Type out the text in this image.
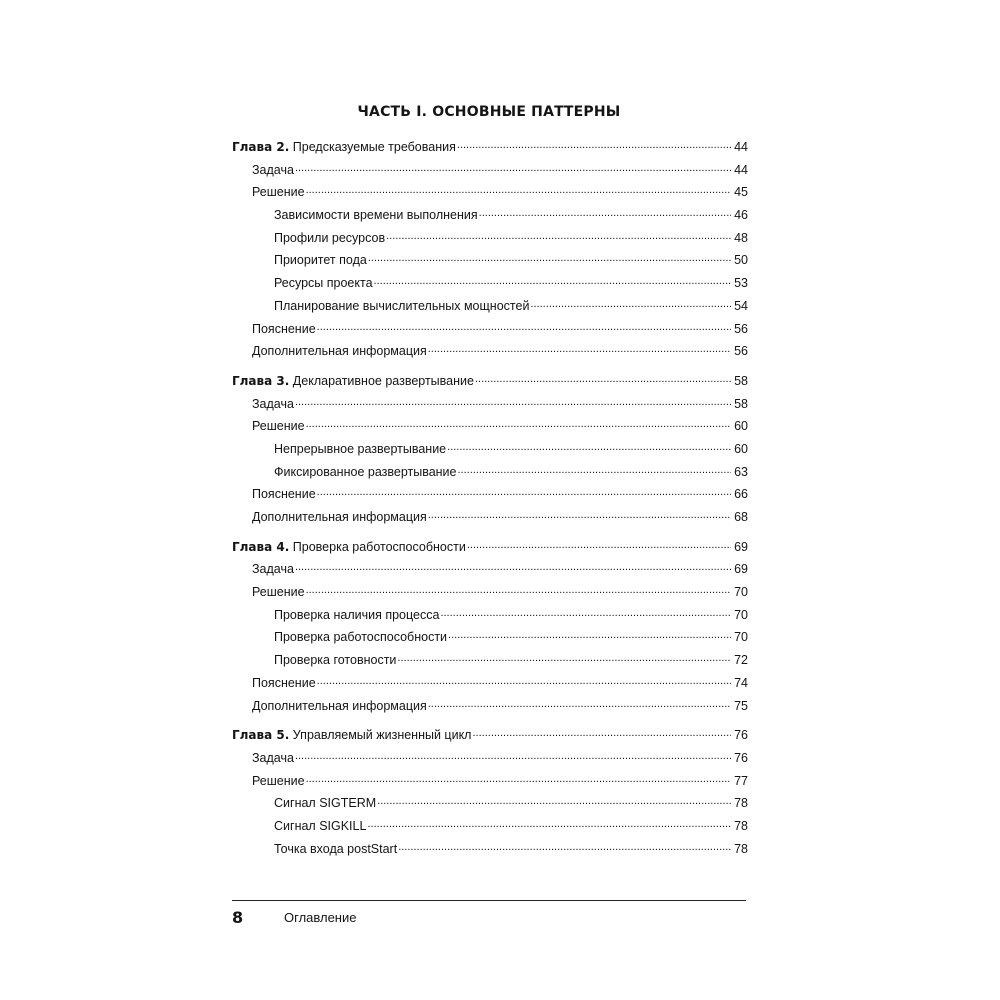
ЧАСТЬ I. ОСНОВНЫЕ ПАТТЕРНЫ
Глава 2. Предсказуемые требования .....	44
Задача .....	44
Решение .....	45
Зависимости времени выполнения .....	46
Профили ресурсов .....	48
Приоритет пода .....	50
Ресурсы проекта .....	53
Планирование вычислительных мощностей .....	54
Пояснение .....	56
Дополнительная информация .....	56
Глава 3. Декларативное развертывание .....	58
Задача .....	58
Решение .....	60
Непрерывное развертывание .....	60
Фиксированное развертывание .....	63
Пояснение .....	66
Дополнительная информация .....	68
Глава 4. Проверка работоспособности .....	69
Задача .....	69
Решение .....	70
Проверка наличия процесса .....	70
Проверка работоспособности .....	70
Проверка готовности .....	72
Пояснение .....	74
Дополнительная информация .....	75
Глава 5. Управляемый жизненный цикл .....	76
Задача .....	76
Решение .....	77
Сигнал SIGTERM .....	78
Сигнал SIGKILL .....	78
Точка входа postStart .....	78
8	Оглавление
